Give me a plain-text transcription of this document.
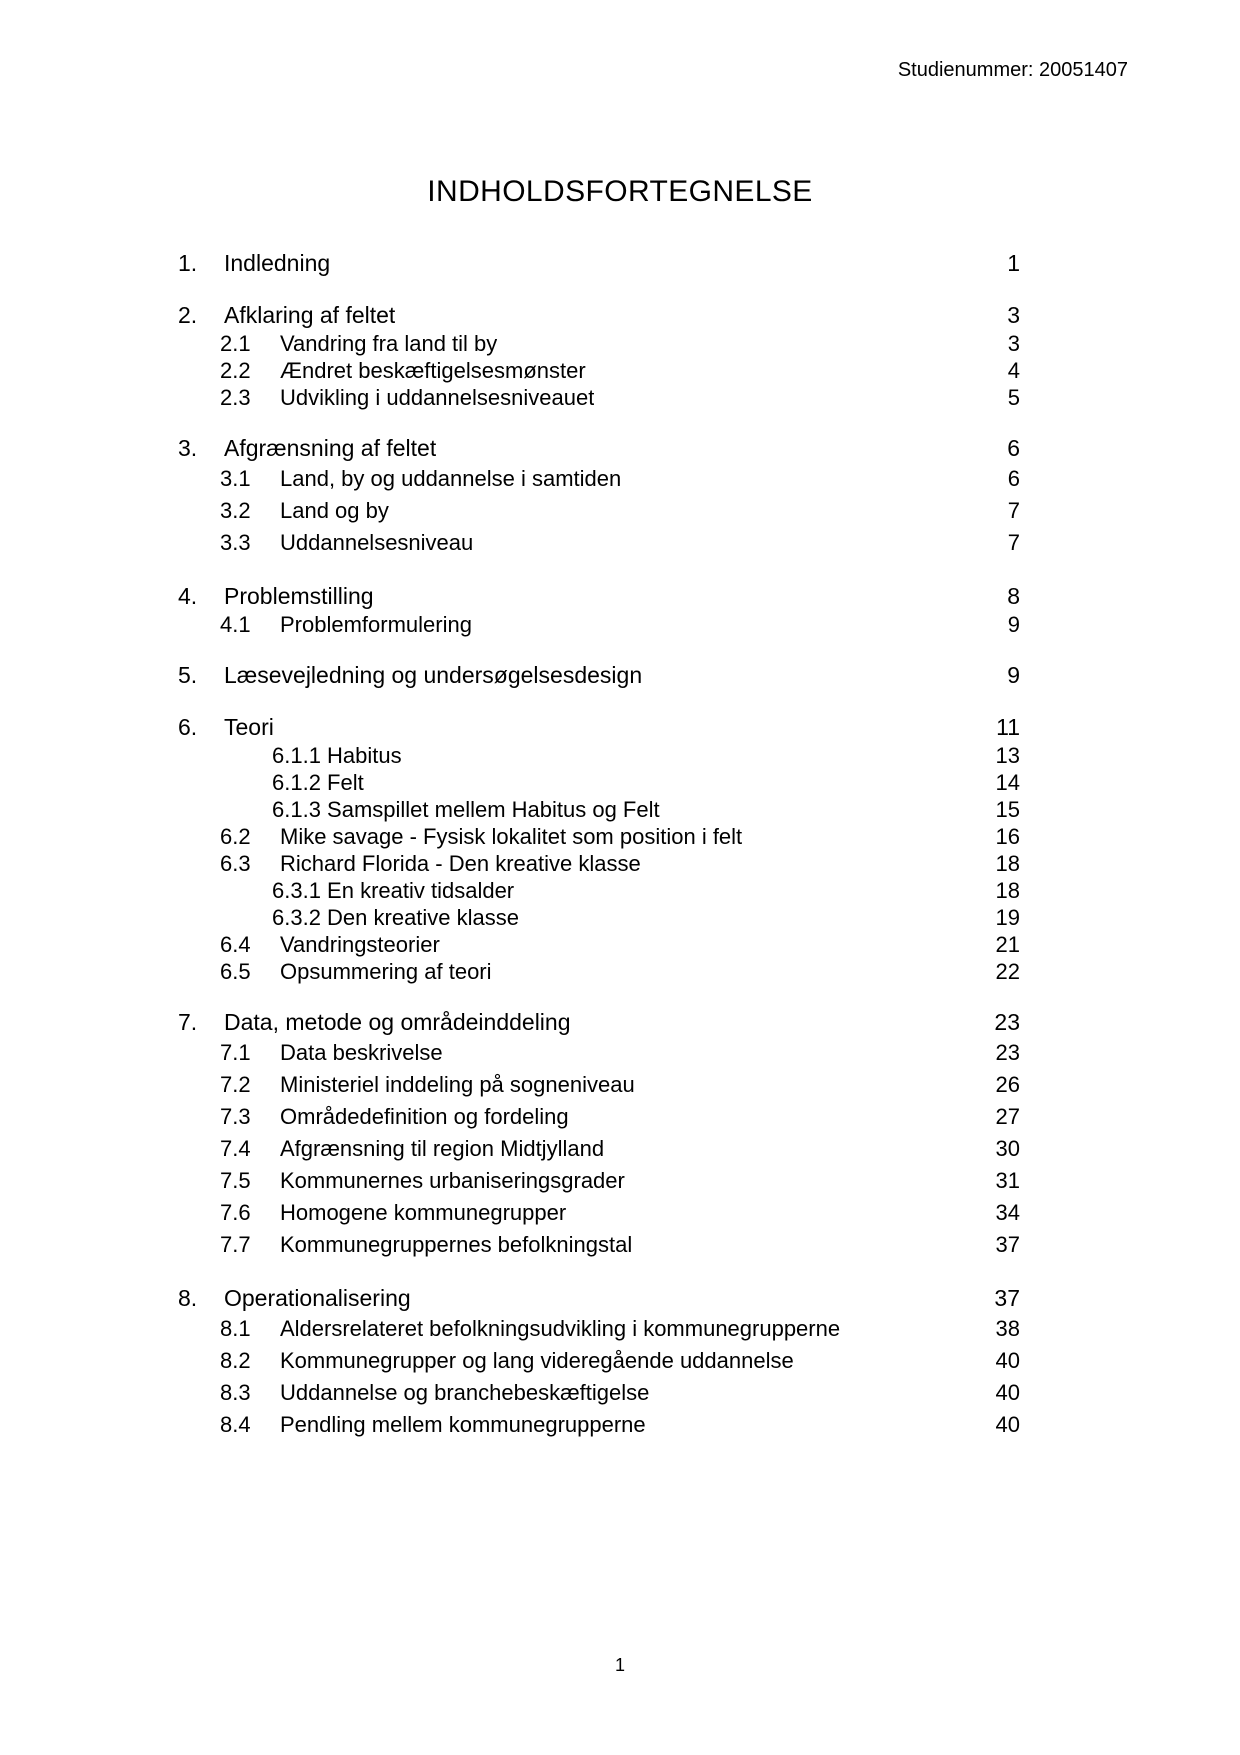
Studienummer: 20051407
INDHOLDSFORTEGNELSE
1.	Indledning	1
2.	Afklaring af feltet	3
2.1	Vandring fra land til by	3
2.2	Ændret beskæftigelsesmønster	4
2.3	Udvikling i uddannelsesniveauet	5
3.	Afgrænsning af feltet	6
3.1	Land, by og uddannelse i samtiden	6
3.2	Land og by	7
3.3	Uddannelsesniveau	7
4.	Problemstilling	8
4.1	Problemformulering	9
5.	Læsevejledning og undersøgelsesdesign	9
6.	Teori	11
6.1.1 Habitus	13
6.1.2 Felt	14
6.1.3 Samspillet mellem Habitus og Felt	15
6.2	Mike savage - Fysisk lokalitet som position i felt	16
6.3	Richard Florida - Den kreative klasse	18
6.3.1 En kreativ tidsalder	18
6.3.2 Den kreative klasse	19
6.4	Vandringsteorier	21
6.5	Opsummering af teori	22
7.	Data, metode og områdeinddeling	23
7.1	Data beskrivelse	23
7.2	Ministeriel inddeling på sogneniveau	26
7.3	Områdedefinition og fordeling	27
7.4	Afgrænsning til region Midtjylland	30
7.5	Kommunernes urbaniseringsgrader	31
7.6	Homogene kommunegrupper	34
7.7	Kommunegruppernes befolkningstal	37
8.	Operationalisering	37
8.1	Aldersrelateret befolkningsudvikling i kommunegrupperne	38
8.2	Kommunegrupper og lang videregående uddannelse	40
8.3	Uddannelse og branchebeskæftigelse	40
8.4	Pendling mellem kommunegrupperne	40
1
